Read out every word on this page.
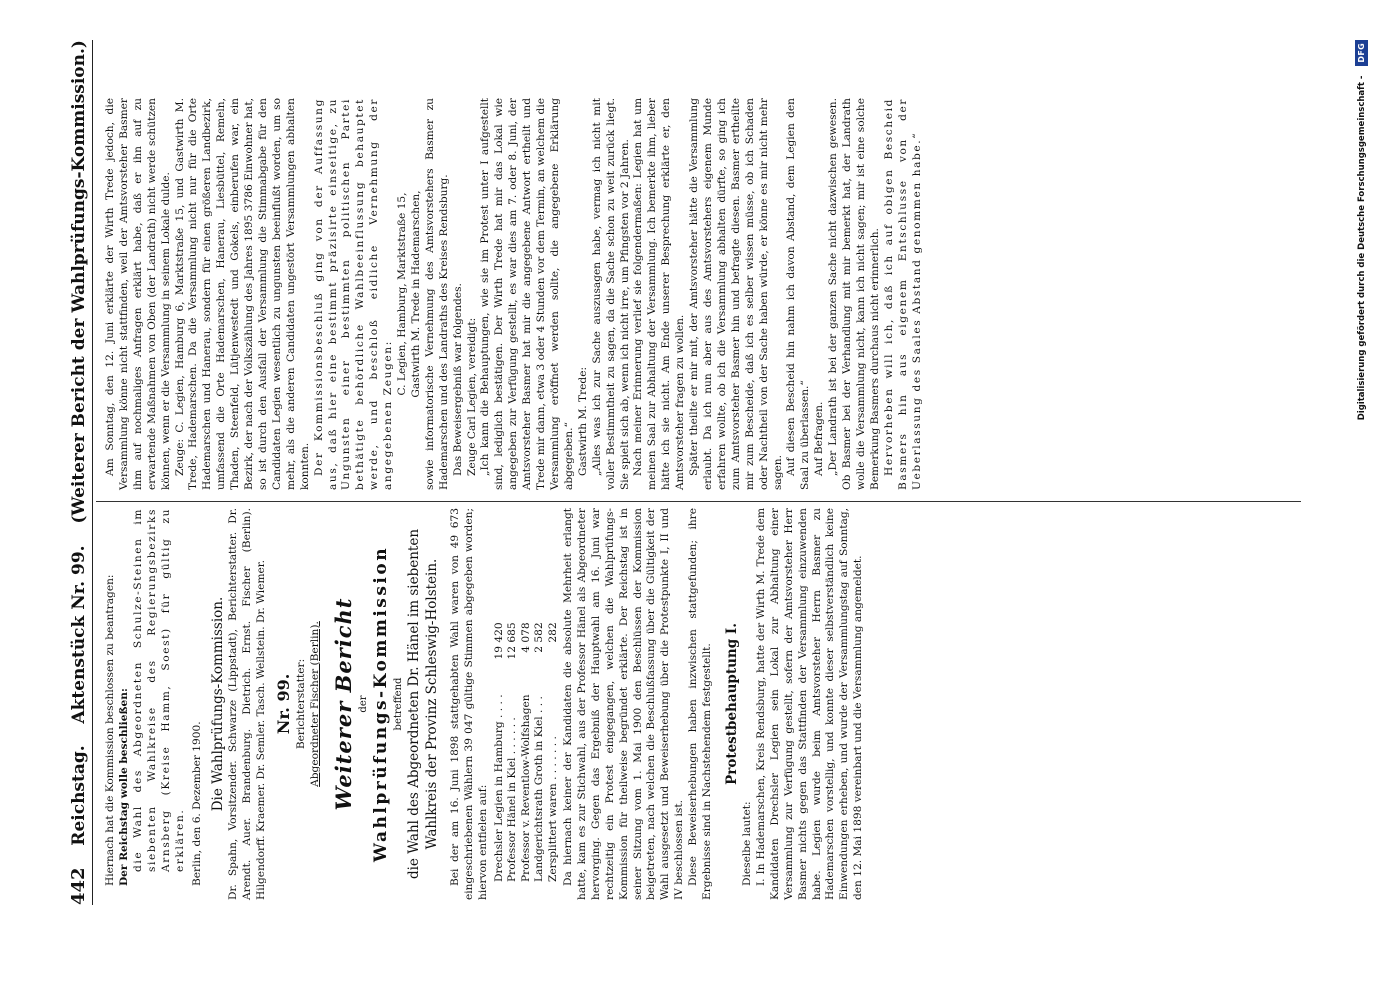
442
Reichstag.
Aktenstück Nr. 99.
(Weiterer Bericht der Wahlprüfungs-Kommission.)

Hiernach hat die Kommission beschlossen zu beantragen: Der Reichstag wolle beschließen: die Wahl des Abgeordneten Schulze-Steinen im siebenten Wahlkreise des Regierungsbezirks Arnsberg (Kreise Hamm, Soest) für gültig zu erklären. Berlin, den 6. Dezember 1900. Die Wahlprüfungs-Kommission. Dr. Spahn, Vorsitzender. Schwarze (Lippstadt), Berichterstatter. Dr. Arendt. Auer. Brandenburg. Dietrich. Ernst. Fischer (Berlin). Hilgendorff. Kraemer. Dr. Semler. Tasch. Wellstein. Dr. Wiemer. Nr. 99. Berichterstatter: Abgeordneter Fischer (Berlin). Weiterer Bericht der Wahlprüfungs-Kommission betreffend die Wahl des Abgeordneten Dr. Hänel im siebenten Wahlkreis der Provinz Schleswig-Holstein. Bei der am 16. Juni 1898 stattgehabten Wahl waren von 49 673 eingeschriebenen Wählern 39 047 gültige Stimmen abgegeben worden; hiervon entfielen auf: Drechsler Legien in Hamburg . . . .	19 420
Professor Hänel in Kiel . . . . . .	12 685
Professor v. Reventlow-Wolfshagen	4 078
Landgerichtsrath Groth in Kiel . . .	2 582
Zersplittert waren . . . . . . .	282 Da hiernach keiner der Kandidaten die absolute Mehrheit erlangt hatte, kam es zur Stichwahl, aus der Professor Hänel als Abgeordneter hervorging. Gegen das Ergebniß der Hauptwahl am 16. Juni war rechtzeitig ein Protest eingegangen, welchen die Wahlprüfungs-Kommission für theilweise begründet erklärte. Der Reichstag ist in seiner Sitzung vom 1. Mai 1900 den Beschlüssen der Kommission beigetreten, nach welchen die Beschlußfassung über die Gültigkeit der Wahl ausgesetzt und Beweiserhebung über die Protestpunkte I, II und IV beschlossen ist. Diese Beweiserhebungen haben inzwischen stattgefunden; ihre Ergebnisse sind in Nachstehendem festgestellt. Protestbehauptung I.

Dieselbe lautet: I. In Hademarschen, Kreis Rendsburg, hatte der Wirth M. Trede dem Kandidaten Drechsler Legien sein Lokal zur Abhaltung einer Versammlung zur Verfügung gestellt, sofern der Amtsvorsteher Herr Basmer nichts gegen das Stattfinden der Versammlung einzuwenden habe. Legien wurde beim Amtsvorsteher Herrn Basmer zu Hademarschen vorstellig, und konnte dieser selbstverständlich keine Einwendungen erheben, und wurde der Versammlungstag auf Sonntag, den 12. Mai 1898 vereinbart und die Versammlung angemeldet.

Am Sonntag, den 12. Juni erklärte der Wirth Trede jedoch, die Versammlung könne nicht stattfinden, weil der Amtsvorsteher Basmer ihm auf nochmaliges Anfragen erklärt habe, daß er ihn auf zu erwartende Maßnahmen von Oben (der Landrath) nicht werde schützen können, wenn er die Versammlung in seinem Lokale dulde. Zeuge: C. Legien, Hamburg 6, Marktstraße 15, und Gastwirth M. Trede, Hademarschen. Da die Versammlung nicht nur für die Orte Hademarschen und Hanerau, sondern für einen größeren Landbezirk, umfassend die Orte Hademarschen, Hanerau, Liesbüttel, Remeln, Thaden, Steenfeld, Lütjenwestedt und Gokels, einberufen war, ein Bezirk, der nach der Volkszählung des Jahres 1895 3786 Einwohner hat, so ist durch den Ausfall der Versammlung die Stimmabgabe für den Candidaten Legien wesentlich zu ungunsten beeinflußt worden, um so mehr, als die anderen Candidaten ungestört Versammlungen abhalten konnten. Der Kommissionsbeschluß ging von der Auffassung aus, daß hier eine bestimmt präzisirte einseitige, zu Ungunsten einer bestimmten politischen Partei bethätigte behördliche Wahlbeeinflussung behauptet werde, und beschloß eidliche Vernehmung der angegebenen Zeugen:

C. Legien, Hamburg, Marktstraße 15, Gastwirth M. Trede in Hademarschen, sowie informatorische Vernehmung des Amtsvorstehers Basmer zu Hademarschen und des Landraths des Kreises Rendsburg. Das Beweisergebniß war folgendes. Zeuge Carl Legien, vereidigt: „Ich kann die Behauptungen, wie sie im Protest unter I aufgestellt sind, lediglich bestätigen. Der Wirth Trede hat mir das Lokal wie angegeben zur Verfügung gestellt, es war dies am 7. oder 8. Juni, der Amtsvorsteher Basmer hat mir die angegebene Antwort ertheilt und Trede mir dann, etwa 3 oder 4 Stunden vor dem Termin, an welchem die Versammlung eröffnet werden sollte, die angegebene Erklärung abgegeben.“ Gastwirth M. Trede: „Alles was ich zur Sache auszusagen habe, vermag ich nicht mit voller Bestimmtheit zu sagen, da die Sache schon zu weit zurück liegt. Sie spielt sich ab, wenn ich nicht irre, um Pfingsten vor 2 Jahren. Nach meiner Erinnerung verlief sie folgendermaßen: Legien hat um meinen Saal zur Abhaltung der Versammlung. Ich bemerkte ihm, lieber hätte ich sie nicht. Am Ende unserer Besprechung erklärte er, den Amtsvorsteher fragen zu wollen. Später theilte er mir mit, der Amtsvorsteher hätte die Versammlung erlaubt. Da ich nun aber aus des Amtsvorstehers eigenem Munde erfahren wollte, ob ich die Versammlung abhalten dürfte, so ging ich zum Amtsvorsteher Basmer hin und befragte diesen. Basmer ertheilte mir zum Bescheide, daß ich es selber wissen müsse, ob ich Schaden oder Nachtheil von der Sache haben würde, er könne es mir nicht mehr sagen. Auf diesen Bescheid hin nahm ich davon Abstand, dem Legien den Saal zu überlassen.“ Auf Befragen. „Der Landrath ist bei der ganzen Sache nicht dazwischen gewesen. Ob Basmer bei der Verhandlung mit mir bemerkt hat, der Landrath wolle die Versammlung nicht, kann ich nicht sagen; mir ist eine solche Bemerkung Basmers durchaus nicht erinnerlich. Hervorheben will ich, daß ich auf obigen Bescheid Basmers hin aus eigenem Entschlusse von der Ueberlassung des Saales Abstand genommen habe.“	Digitalisierung gefördert durch die Deutsche Forschungsgemeinschaft -
DFG
